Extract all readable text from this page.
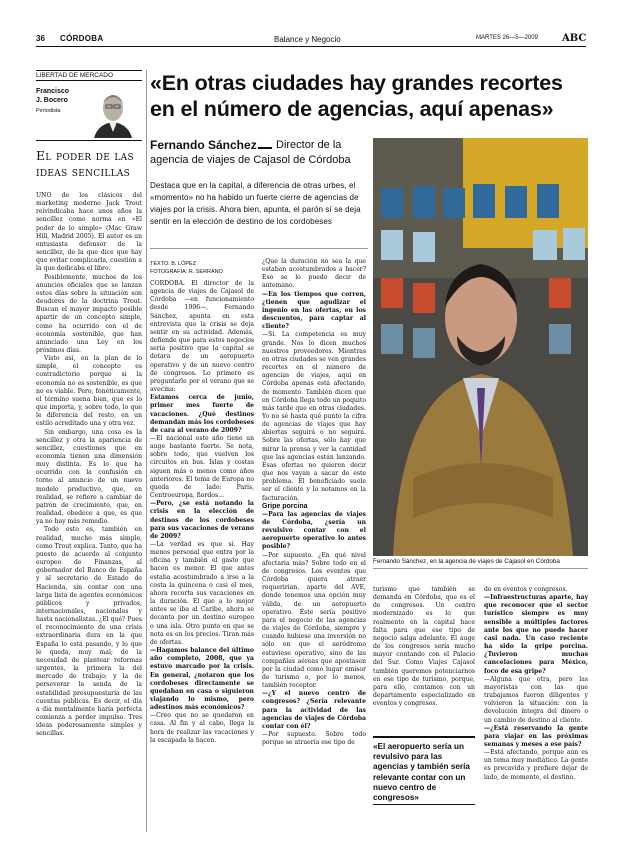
36 CÓRDOBA	Balance y Negocio	MARTES 26—5—2009 ABC
LIBERTAD DE MERCADO
Francisco J. Bocero
Periodista
El poder de las ideas sencillas

UNO de los clásicos del marketing moderno Jack Trout reivindicaba hace unos años la sencillez como norma en «El poder de lo simple» (Mac Graw Hill, Madrid 2005). El autor es un entusiasta defensor de la sencillez, de la que dice que hay que evitar complicarla, cuestión a la que dedicaba el libro.

Posiblemente, muchos de los anuncios oficiales que se lanzan estos días sobre la situación son deudores de la doctrina Trout. Buscan el mayor impacto posible apartir de un concepto simple, como ha ocurrido con el de economía sostenible, que han anunciado una Ley en los próximos días.

Visto así, en la plan de lo simple, el concepto es contradictorio porque si la economía no es sostenible, es que no es viable. Pero, fonéticamente, el término suena bien, que es lo que importa, y, sobre todo, lo que le diferencia del resto, en un estilo acreditado una y otra vez.

Sin embargo, una cosa es la sencillez y otra la apariencia de sencillez, cuestiones que en economía tienen una dimensión muy distinta. Es lo que ha ocurrido con la confusión en torno al anuncio de un nuevo modelo productivo, que, en realidad, se refiere a cambiar de patrón de crecimiento, que, en realidad, obedece a que, es que ya no hay más remedio.

Todo esto es, también en realidad, mucho más simple, como Trout explica. Tanto, que ha puesto de acuerdo al conjunto europeo de Finanzas, al gobernador del Banco de España y al secretario de Estado de Hacienda, sin contar con una larga lista de agentes económicos públicos y privados, internacionales, nacionales y hasta nacionalistas. ¿El qué? Pues el reconocimiento de una crisis extraordinaria dura en la que España lo está pasando, y lo que le queda, muy mal; de la necesidad de plantear reformas urgentes, la primera la del mercado de trabajo; y la de perseverar la senda de la estabilidad presupuestaria de las cuentas públicas. Es decir, el día a día mentalmente haría perfecta comienza a perder impulso. Tres ideas poderosamente simples y sencillas.

«En otras ciudades hay grandes recortes en el número de agencias, aquí apenas»
Fernando Sánchez	Director de la agencia de viajes de Cajasol de Córdoba
Destaca que en la capital, a diferencia de otras urbes, el «momento» no ha habido un fuerte cierre de agencias de viajes por la crisis. Ahora bien, apunta, el parón sí se deja sentir en la elección de destino de los cordobeses
TEXTO: B. LÓPEZ
FOTOGRAFÍA: R. SERRANO

CÓRDOBA. El director de la agencia de viajes de Cajasol de Córdoba —en funcionamiento desde 1996—, Fernando Sánchez, apunta en esta entrevista que la crisis se deja sentir en su actividad. Además, defiende que para estos negocios sería positivo que la capital se dotara de un aeropuerto operativo y de un nuevo centro de congresos. Lo primero es preguntarle por el verano que se avecina:

Estamos cerca de junio, primer mes fuerte de vacaciones. ¿Qué destinos demandan más los cordobeses de cara al verano de 2009?

—El nacional este año tiene un auge bastante fuerte. Se nota, sobre todo, que vuelven los circuitos en bus. Islas y costas siguen más o menos como años anteriores. El tema de Europa no queda de lado: París, Centroeuropa, fiordos...

—Pero, ¿se está notando la crisis en la elección de destinos de los cordobeses para sus vacaciones de verano de 2009?

—La verdad es que sí. Hay menos personal que entra por la oficina y también el gasto que hacen es menor. El que antes estaba acostumbrado a irse a la costa la quincena o casi el mes, ahora recorta sus vacaciones en la duración. El que a lo mejor antes se iba al Caribe, ahora se decanta por un destino europeo o una isla. Otro punto en que se nota es en los precios. Tiran más de ofertas.

—Hagamos balance del último año completo, 2008, que ya estuvo marcado por la crisis. En general, ¿notaron que los cordobeses directamente se quedaban en casa o siguieron viajando lo mismo, pero adestinos más económicos?

—Creo que no se quedaron en casa. Al fin y al cabo, llega la hora de realizar las vacaciones y la escapada la hacen.

¿Que la duración no sea la que estaban acostumbrados a hacer? Eso se lo puedo decir de antemano.

—En los tiempos que corren, ¿tienen que agudizar el ingenio en las ofertas, en los descuentos, para captar al cliente?

—Sí. La competencia es muy grande. Nos lo dicen muchos nuestros proveedores. Mientras en otras ciudades se ven grandes recortes en el número de agencias de viajes, aquí en Córdoba apenas está afectando, de momento. También dicen que en Córdoba llega todo un poquito más tarde que en otras ciudades. Yo no sé hasta qué punto la cifra de agencias de viajes que hay abiertas seguirá o no seguirá. Sobre las ofertas, sólo hay que mirar la prensa y ver la cantidad que las agencias están lanzando. Esas ofertas no quieren decir que nos vayan a sacar de este problema. El beneficiado suele ser el cliente y lo notamos en la facturación.

Gripe porcina

—Para las agencias de viajes de Córdoba, ¿sería un revulsivo contar con el aeropuerto operativo lo antes posible?

—Por supuesto. ¿En qué nivel afectaría más? Sobre todo en el de congresos. Los eventos que Córdoba quiera atraer requerirían, aparte del AVE, donde tenemos una opción muy válida, de un aeropuerto operativo. Éste sería positivo para el negocio de las agencias de viajes de Córdoba, siempre y cuando hubiese una inversión no sólo en que el aeródromo estuviese operativo, sino de las compañías aéreas que apostasen por la ciudad como lugar emisor de turismo o, por lo menos, también receptor.

—¿Y el nuevo centro de congresos? ¿Sería relevante para la actividad de las agencias de viajes de Córdoba contar con él?

—Por supuesto. Sobre todo porque se atraería ese tipo de

Fernando Sánchez, en la agencia de viajes de Cajasol en Córdoba

turismo que también se demanda en Córdoba, que es el de congresos. Un centro modernizado es lo que realmente en la capital hace falta para que ese tipo de negocio salga adelante. El auge de los congresos sería mucho mayor contando con el Palacio del Sur. Como Viajes Cajasol también queremos potenciarnos en ese tipo de turismo, porque, para ello, contamos con un departamento especializado en eventos y congresos.

«El aeropuerto sería un revulsivo para las agencias y también sería relevante contar con un nuevo centro de congresos»

do en eventos y congresos.

—Infraestructuras aparte, hay que reconocer que el sector turístico siempre es muy sensible a múltiples factores ante los que no puede hacer casi nada. Un caso reciente ha sido la gripe porcina. ¿Tuvieron muchas cancelaciones para México, foco de esa gripe?

—Alguna que otra, pero las mayoristas con las que trabajamos fueron diligentes y volvieron la situación: con la devolución íntegra del dinero o un cambio de destino al cliente.

—¿Está reservando la gente para viajar en las próximas semanas y meses a ese país?

—Está afectando, porque aún es un tema muy mediático. La gente es precavida y prefiere dejar de lado, de momento, el destino.
